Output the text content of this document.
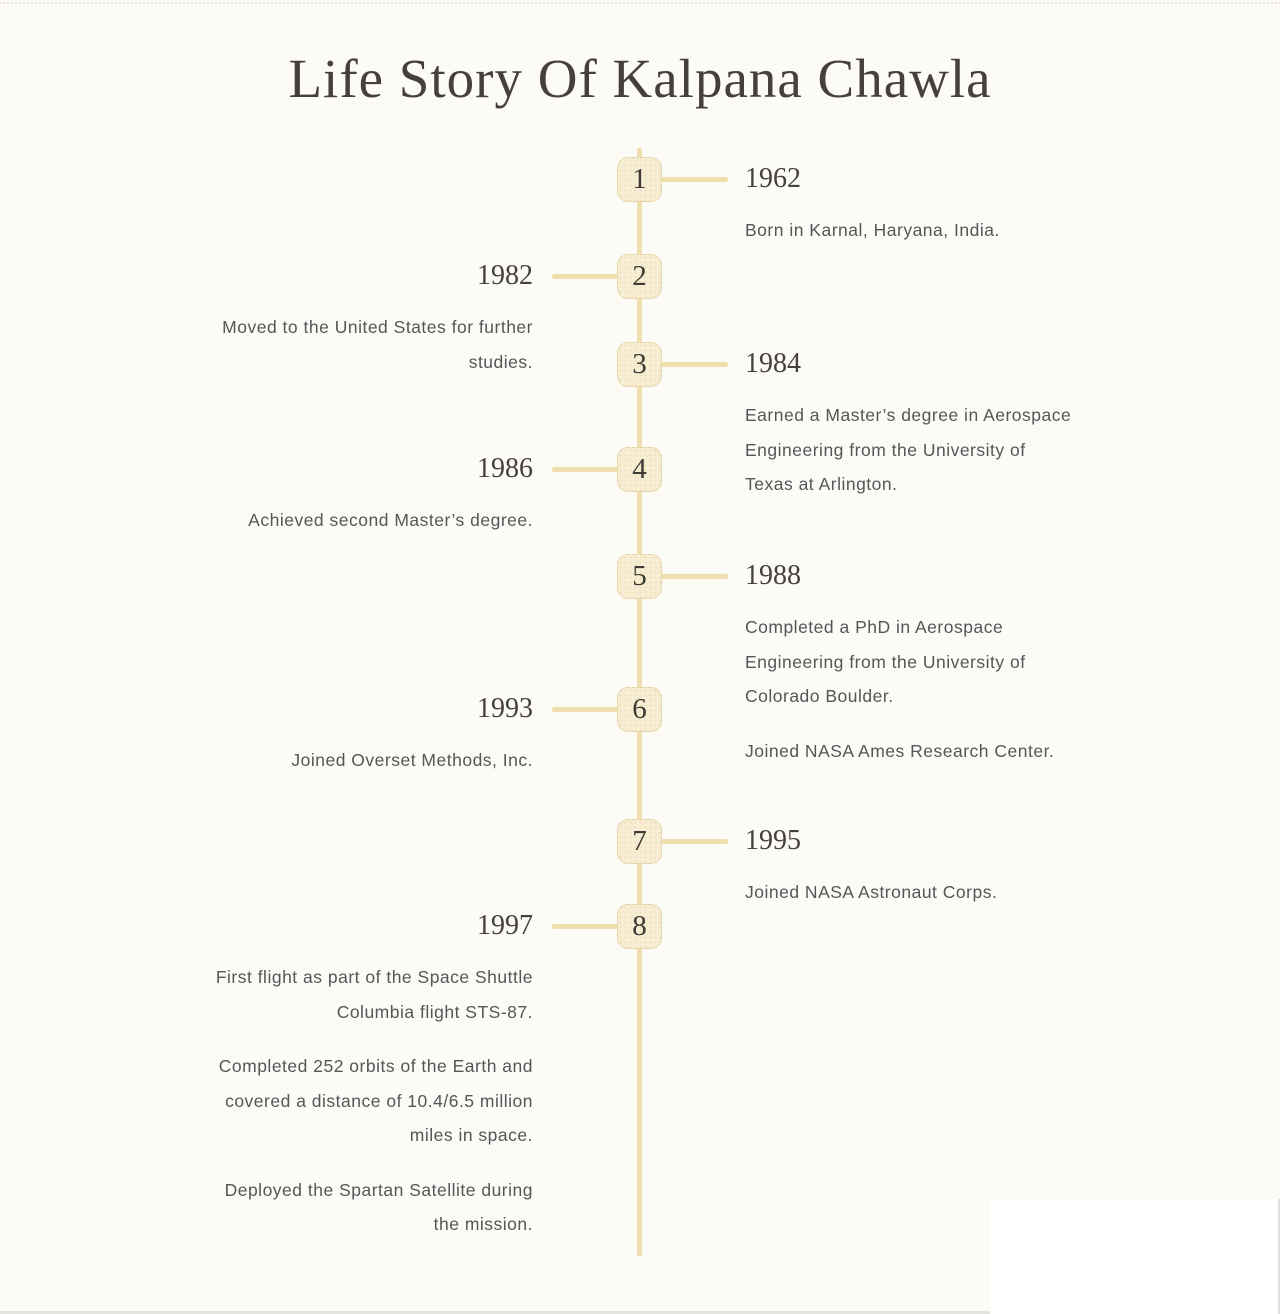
Life Story Of Kalpana Chawla
1	1962

Born in Karnal, Haryana, India.

2
1982

Moved to the United States for further studies.	3	1984

Earned a Master’s degree in Aerospace Engineering from the University of Texas at Arlington.

4
1986

Achieved second Master’s degree.

5	1988

Completed a PhD in Aerospace Engineering from the University of Colorado Boulder.

Joined NASA Ames Research Center.

6
1993

Joined Overset Methods, Inc.

7	1995

Joined NASA Astronaut Corps.

8
1997

First flight as part of the Space Shuttle Columbia flight STS-87.

Completed 252 orbits of the Earth and covered a distance of 10.4/6.5 million miles in space.

Deployed the Spartan Satellite during the mission.
